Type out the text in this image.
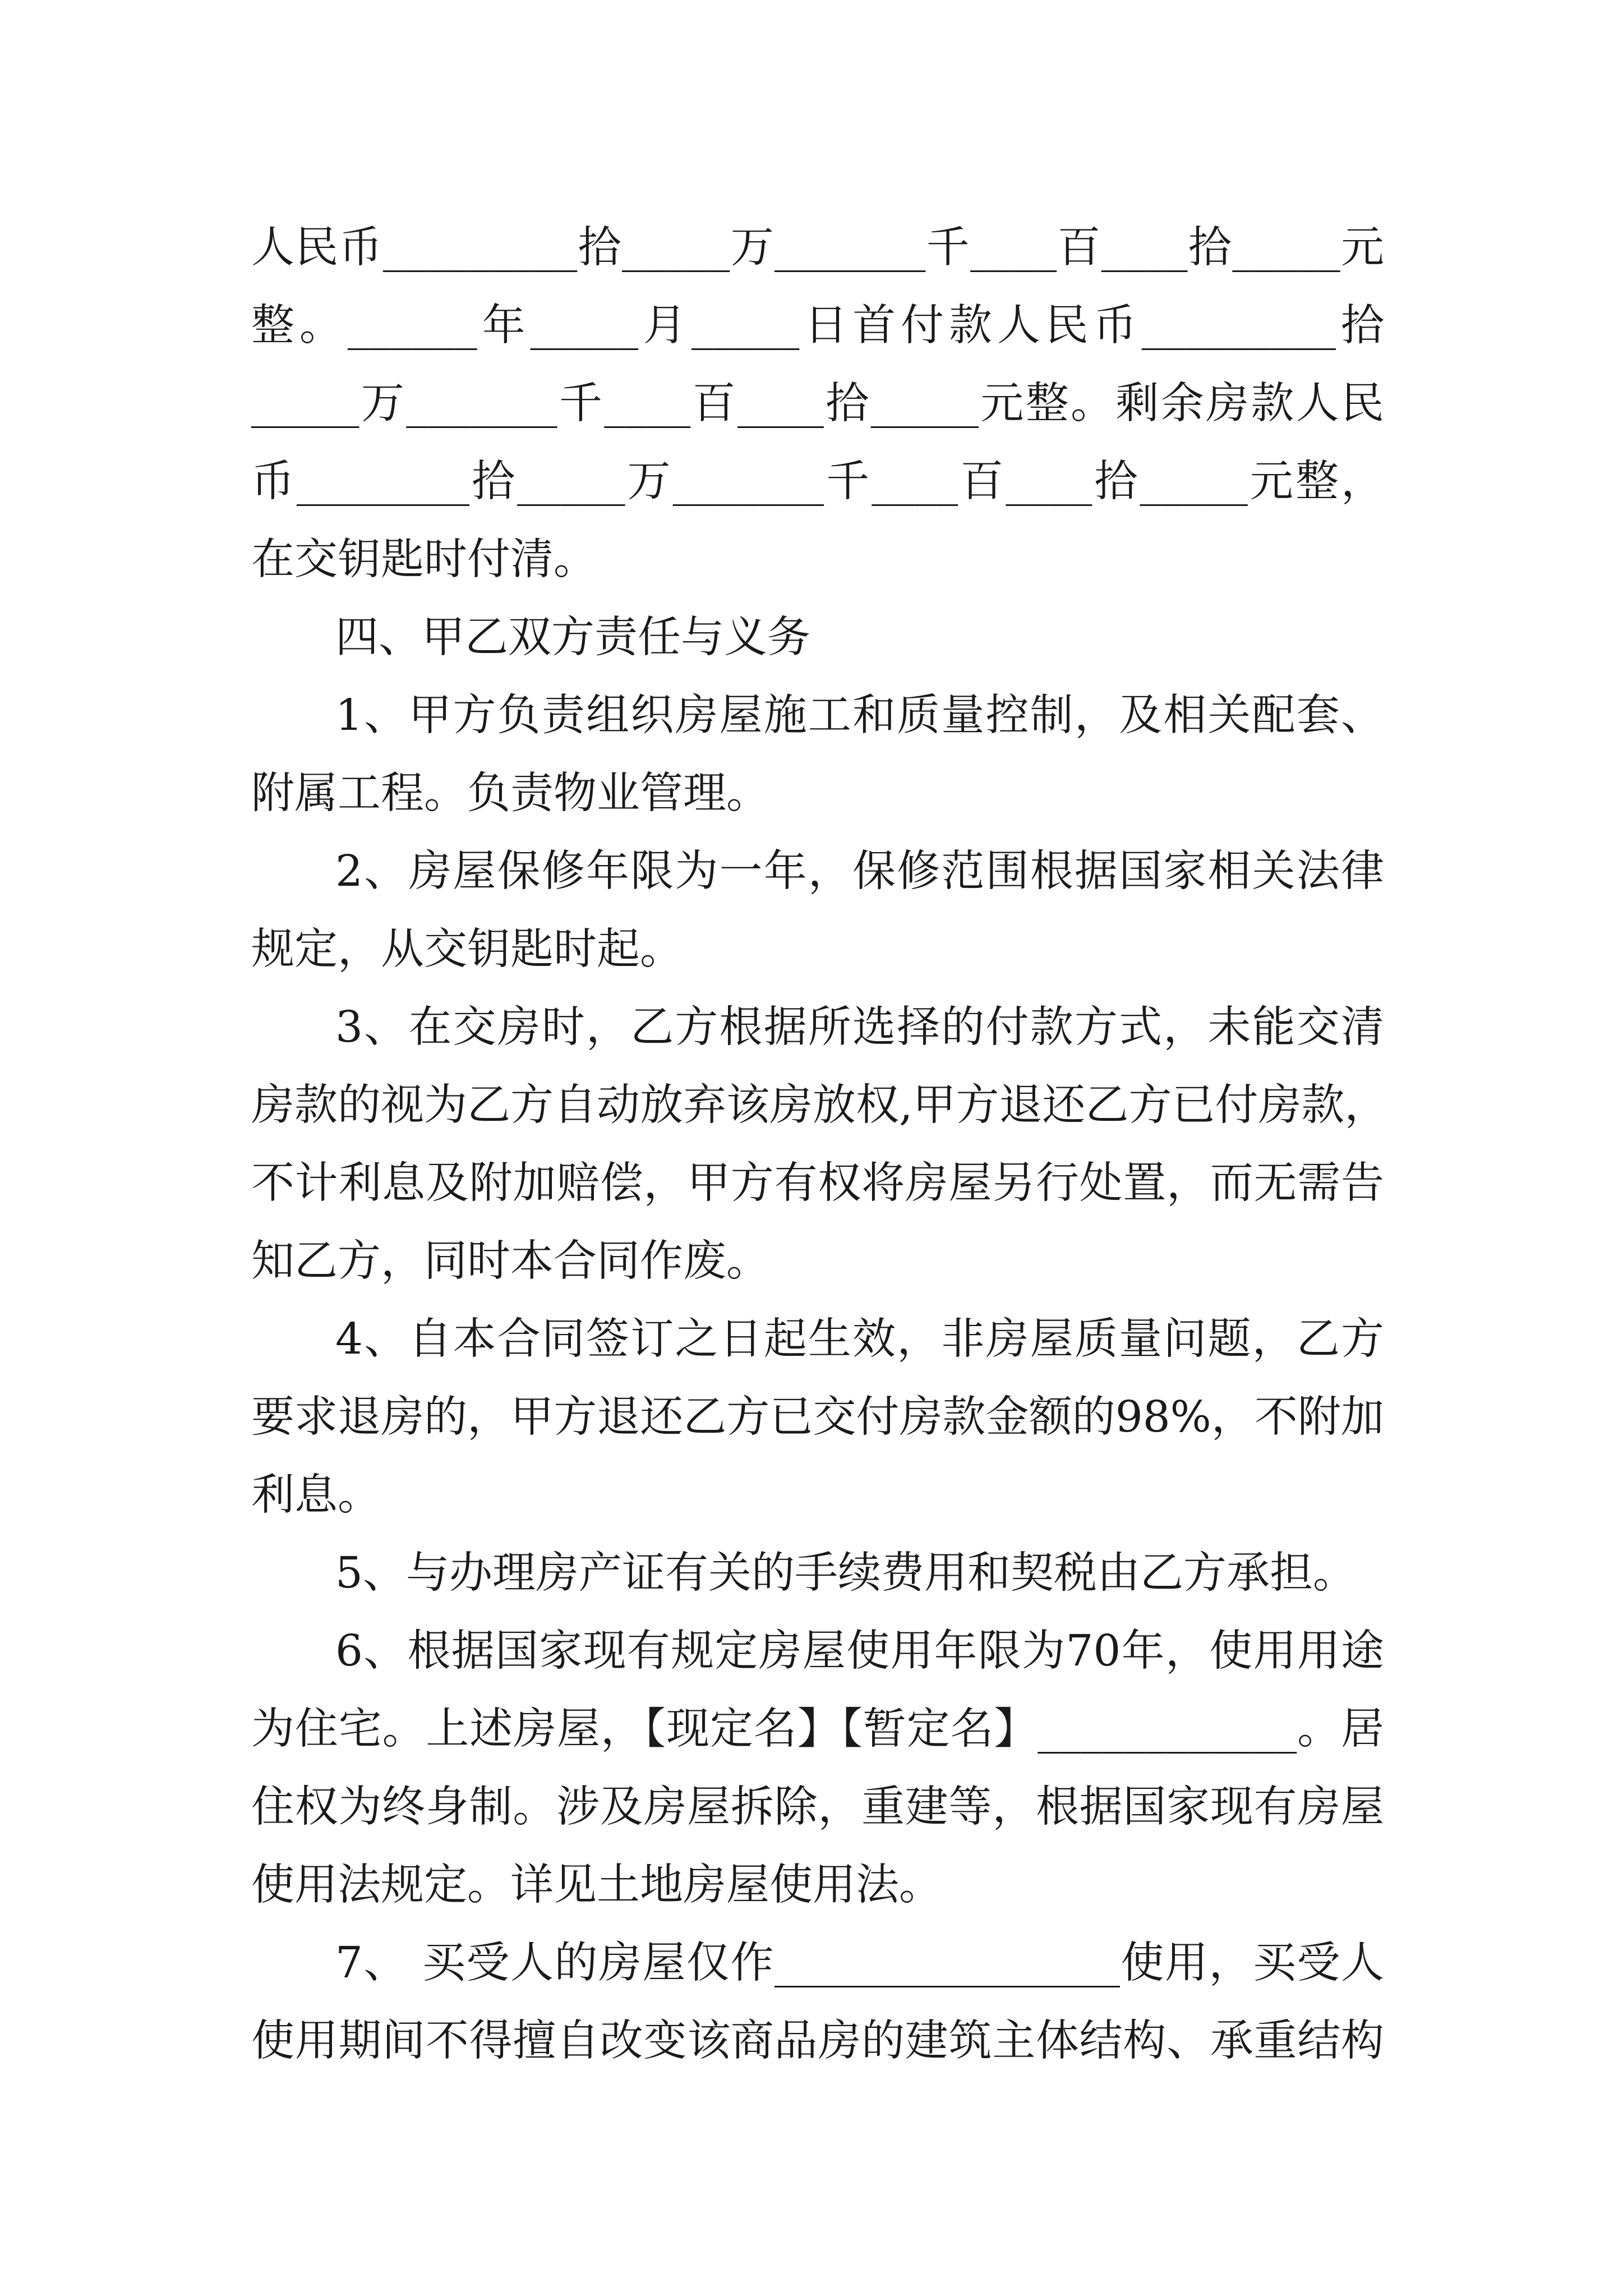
人民币_________拾_____万_______千____百____拾_____元
整。______年_____月_____日首付款人民币_________拾
_____万_______千____百____拾_____元整。剩余房款人民
币________拾_____万_______千____百____拾_____元整，
在交钥匙时付清。
四、甲乙双方责任与义务
1、甲方负责组织房屋施工和质量控制，及相关配套、
附属工程。负责物业管理。
2、房屋保修年限为一年，保修范围根据国家相关法律
规定，从交钥匙时起。
3、在交房时，乙方根据所选择的付款方式，未能交清
房款的视为乙方自动放弃该房放权,甲方退还乙方已付房款，
不计利息及附加赔偿，甲方有权将房屋另行处置，而无需告
知乙方，同时本合同作废。
4、自本合同签订之日起生效，非房屋质量问题，乙方
要求退房的，甲方退还乙方已交付房款金额的98%，不附加
利息。
5、与办理房产证有关的手续费用和契税由乙方承担。
6、根据国家现有规定房屋使用年限为70年，使用用途
为住宅。上述房屋，【现定名】【暂定名】____________。居
住权为终身制。涉及房屋拆除，重建等，根据国家现有房屋
使用法规定。详见土地房屋使用法。
7、 买受人的房屋仅作________________使用，买受人
使用期间不得擅自改变该商品房的建筑主体结构、承重结构
